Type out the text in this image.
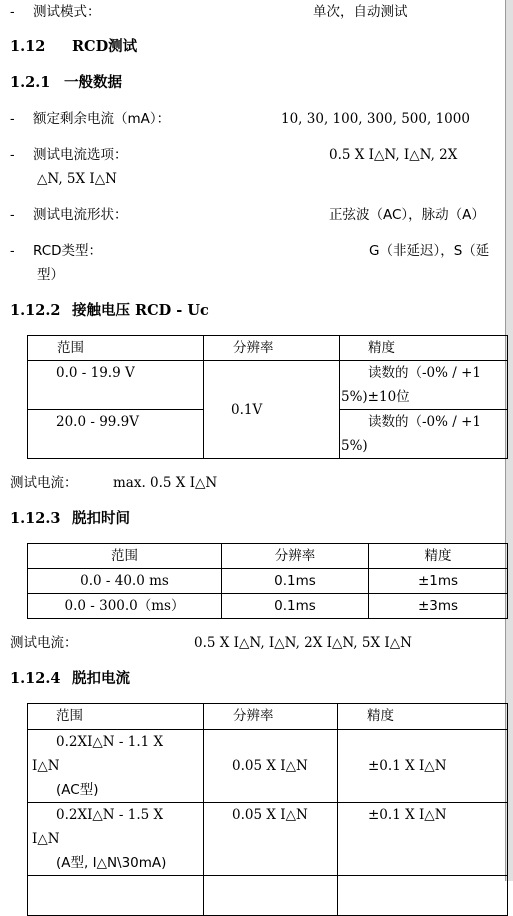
- 测试模式：	单次，自动测试
1.12 RCD测试
1.2.1 一般数据
- 额定剩余电流（mA）：	10, 30, 100, 300, 500, 1000
- 测试电流选项：	0.5 X I△N, I△N, 2X
△N, 5X I△N
- 测试电流形状：	正弦波（AC），脉动（A）
- RCD类型：	G（非延迟），S（延
型）
1.12.2 接触电压 RCD - Uc
范围	分辨率	精度
0.0 - 19.9 V	0.1V	读数的（-0% / +1
5%)±10位

20.0 - 99.9V		读数的（-0% / +1
5%)
测试电流：	max. 0.5 X I△N
1.12.3 脱扣时间
范围	分辨率	精度
0.0 - 40.0 ms	0.1ms	±1ms
0.0 - 300.0（ms）	0.1ms	±3ms
测试电流：	0.5 X I△N, I△N, 2X I△N, 5X I△N
1.12.4 脱扣电流
范围	分辨率	精度

0.2XI△N - 1.1 X
I△N
(AC型)	0.05 X I△N	±0.1 X I△N

0.2XI△N - 1.5 X
I△N
(A型, I△N\30mA)	0.05 X I△N	±0.1 X I△N
